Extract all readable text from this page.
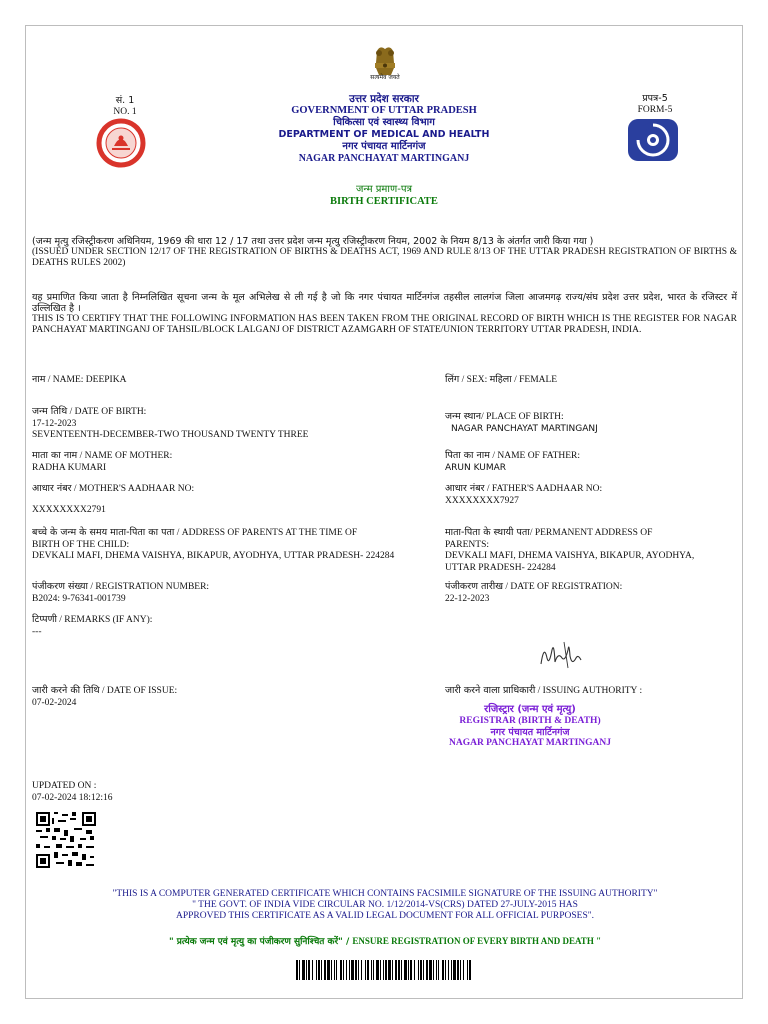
सं. 1
NO. 1
सत्यमेव जयते
उत्तर प्रदेश सरकार
GOVERNMENT OF UTTAR PRADESH
चिकित्सा एवं स्वास्थ्य विभाग
DEPARTMENT OF MEDICAL AND HEALTH
नगर पंचायत मार्टिनगंज
NAGAR PANCHAYAT MARTINGANJ
प्रपत्र-5
FORM-5
जन्म प्रमाण-पत्र
BIRTH CERTIFICATE
(जन्म मृत्यु रजिस्ट्रीकरण अधिनियम, 1969 की धारा 12 / 17 तथा उत्तर प्रदेश जन्म मृत्यु रजिस्ट्रीकरण नियम, 2002 के नियम 8/13 के अंतर्गत जारी किया गया )
(ISSUED UNDER SECTION 12/17 OF THE REGISTRATION OF BIRTHS & DEATHS ACT, 1969 AND RULE 8/13 OF THE UTTAR PRADESH REGISTRATION OF BIRTHS & DEATHS RULES 2002)
यह प्रमाणित किया जाता है निम्नलिखित सूचना जन्म के मूल अभिलेख से ली गई है जो कि नगर पंचायत मार्टिनगंज तहसील लालगंज जिला आजमगढ़ राज्य/संघ प्रदेश उत्तर प्रदेश, भारत के रजिस्टर में उल्लिखित है ।
THIS IS TO CERTIFY THAT THE FOLLOWING INFORMATION HAS BEEN TAKEN FROM THE ORIGINAL RECORD OF BIRTH WHICH IS THE REGISTER FOR NAGAR PANCHAYAT MARTINGANJ OF TAHSIL/BLOCK LALGANJ OF DISTRICT AZAMGARH OF STATE/UNION TERRITORY UTTAR PRADESH, INDIA.
नाम / NAME: DEEPIKA
जन्म तिथि / DATE OF BIRTH:
17-12-2023
SEVENTEENTH-DECEMBER-TWO THOUSAND TWENTY THREE
माता का नाम / NAME OF MOTHER:
RADHA KUMARI
आधार नंबर / MOTHER'S AADHAAR NO:
XXXXXXXX2791
बच्चे के जन्म के समय माता-पिता का पता / ADDRESS OF PARENTS AT THE TIME OF
BIRTH OF THE CHILD:
DEVKALI MAFI, DHEMA VAISHYA, BIKAPUR, AYODHYA, UTTAR PRADESH- 224284
पंजीकरण संख्या / REGISTRATION NUMBER:
B2024: 9-76341-001739
टिप्पणी / REMARKS (IF ANY):
---
जारी करने की तिथि / DATE OF ISSUE:
07-02-2024
लिंग / SEX: महिला / FEMALE
जन्म स्थान/ PLACE OF BIRTH:
NAGAR PANCHAYAT MARTINGANJ
पिता का नाम / NAME OF FATHER:
ARUN KUMAR
आधार नंबर / FATHER'S AADHAAR NO:
XXXXXXXX7927
माता-पिता के स्थायी पता/ PERMANENT ADDRESS OF
PARENTS:
DEVKALI MAFI, DHEMA VAISHYA, BIKAPUR, AYODHYA,
UTTAR PRADESH- 224284
पंजीकरण तारीख / DATE OF REGISTRATION:
22-12-2023
जारी करने वाला प्राधिकारी / ISSUING AUTHORITY :
रजिस्ट्रार (जन्म एवं मृत्यु)
REGISTRAR (BIRTH & DEATH)
नगर पंचायत मार्टिनगंज
NAGAR PANCHAYAT MARTINGANJ
UPDATED ON :
07-02-2024 18:12:16
"THIS IS A COMPUTER GENERATED CERTIFICATE WHICH CONTAINS FACSIMILE SIGNATURE OF THE ISSUING AUTHORITY"
" THE GOVT. OF INDIA VIDE CIRCULAR NO. 1/12/2014-VS(CRS) DATED 27-JULY-2015 HAS
APPROVED THIS CERTIFICATE AS A VALID LEGAL DOCUMENT FOR ALL OFFICIAL PURPOSES".
" प्रत्येक जन्म एवं मृत्यु का पंजीकरण सुनिश्चित करें" / ENSURE REGISTRATION OF EVERY BIRTH AND DEATH "
